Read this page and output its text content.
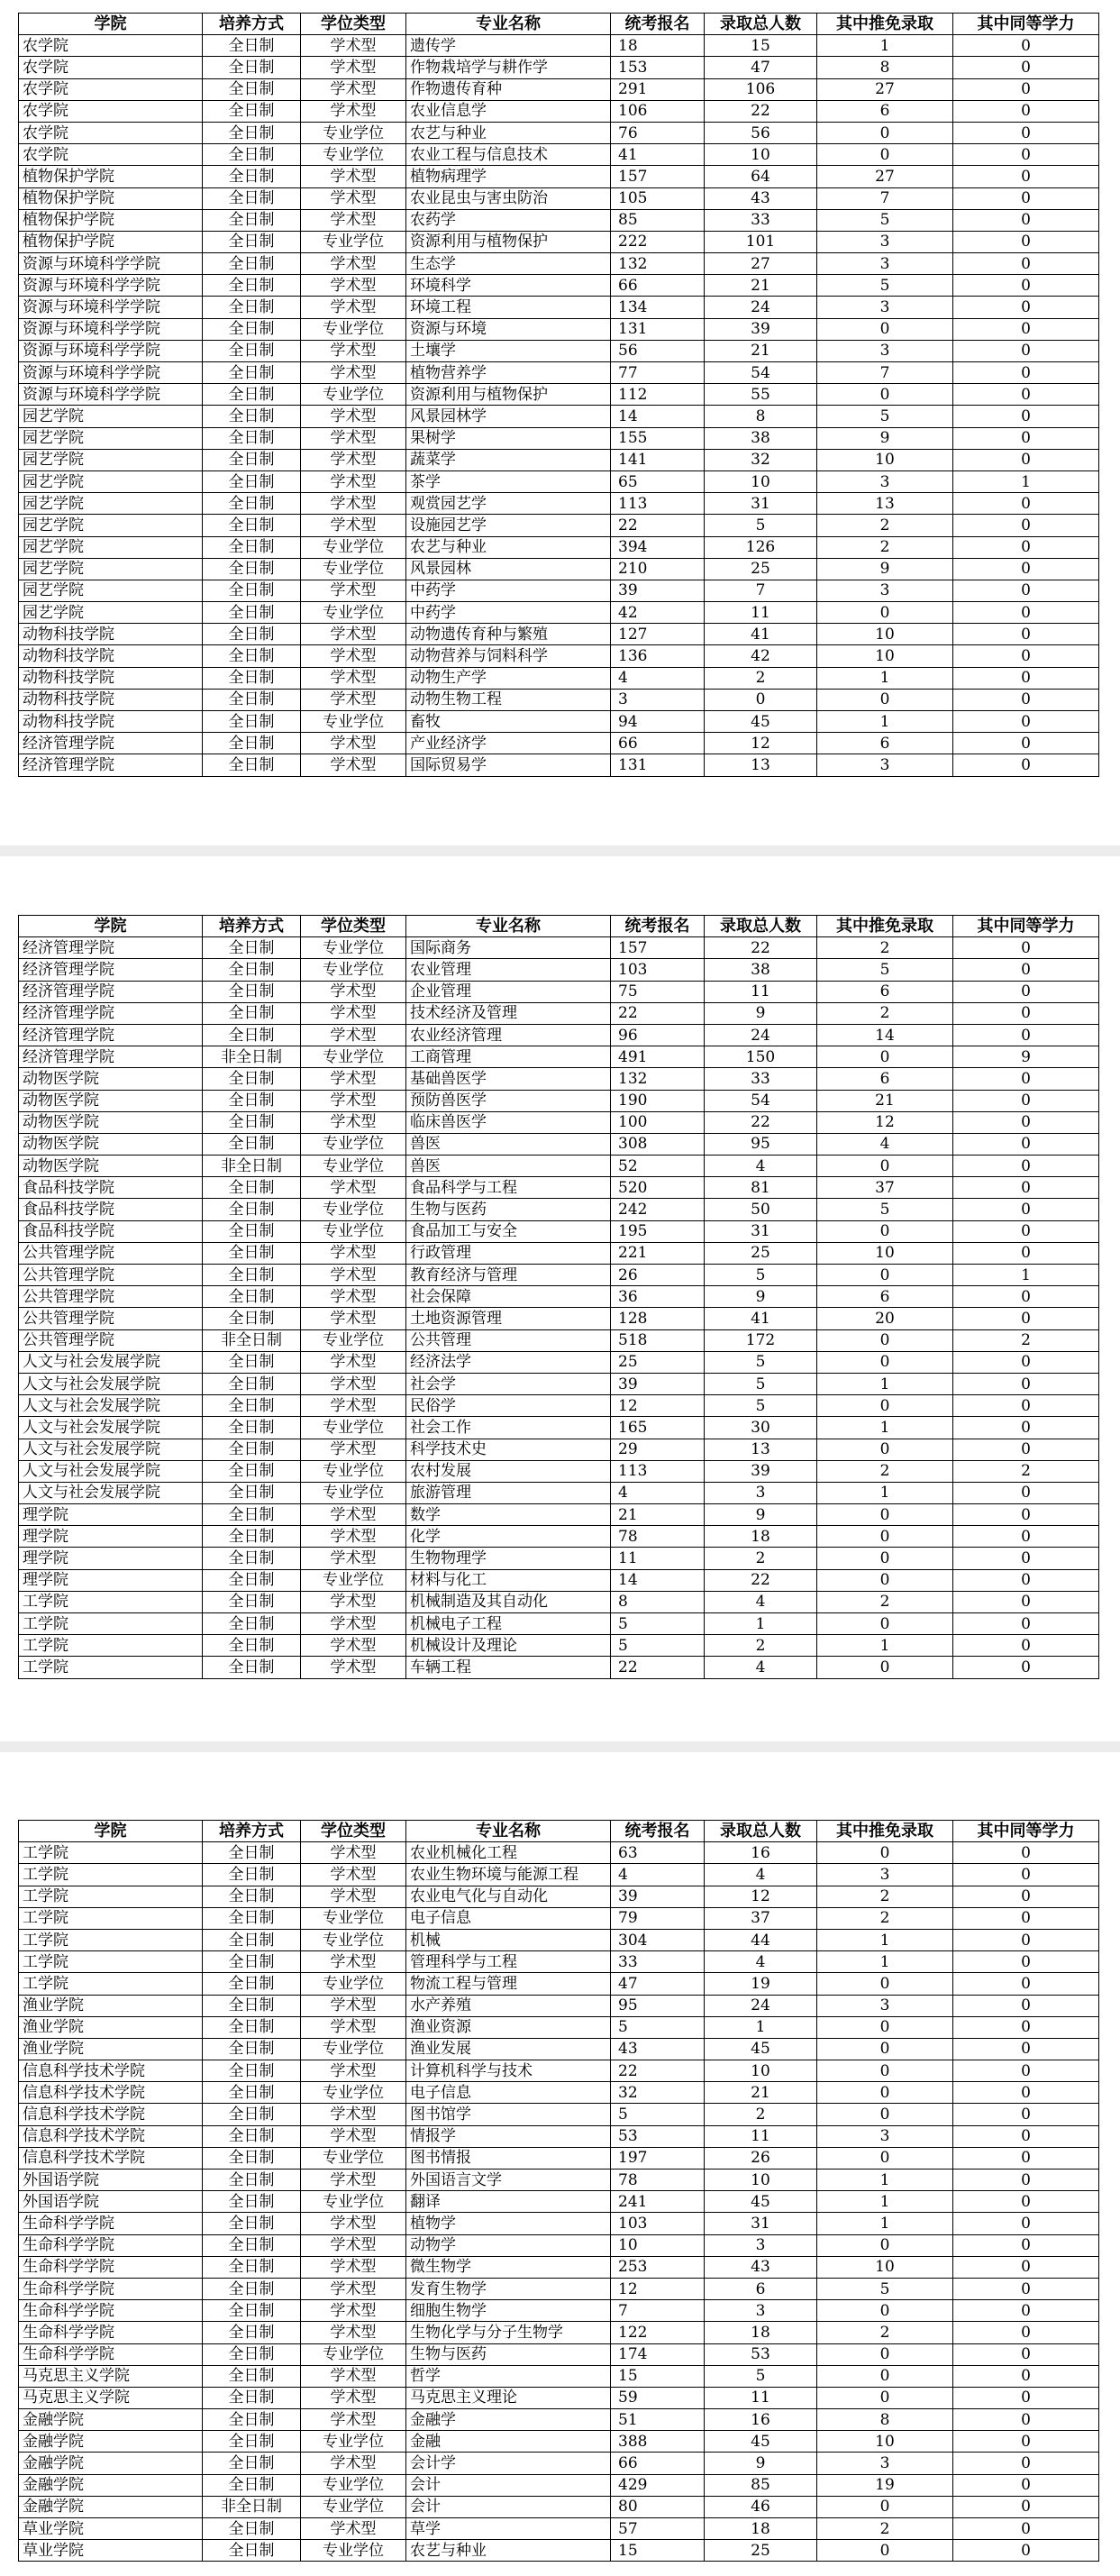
学院	培养方式	学位类型	专业名称	统考报名	录取总人数	其中推免录取	其中同等学力
农学院	全日制	学术型	遗传学	18	15	1	0
农学院	全日制	学术型	作物栽培学与耕作学	153	47	8	0
农学院	全日制	学术型	作物遗传育种	291	106	27	0
农学院	全日制	学术型	农业信息学	106	22	6	0
农学院	全日制	专业学位	农艺与种业	76	56	0	0
农学院	全日制	专业学位	农业工程与信息技术	41	10	0	0
植物保护学院	全日制	学术型	植物病理学	157	64	27	0
植物保护学院	全日制	学术型	农业昆虫与害虫防治	105	43	7	0
植物保护学院	全日制	学术型	农药学	85	33	5	0
植物保护学院	全日制	专业学位	资源利用与植物保护	222	101	3	0
资源与环境科学学院	全日制	学术型	生态学	132	27	3	0
资源与环境科学学院	全日制	学术型	环境科学	66	21	5	0
资源与环境科学学院	全日制	学术型	环境工程	134	24	3	0
资源与环境科学学院	全日制	专业学位	资源与环境	131	39	0	0
资源与环境科学学院	全日制	学术型	土壤学	56	21	3	0
资源与环境科学学院	全日制	学术型	植物营养学	77	54	7	0
资源与环境科学学院	全日制	专业学位	资源利用与植物保护	112	55	0	0
园艺学院	全日制	学术型	风景园林学	14	8	5	0
园艺学院	全日制	学术型	果树学	155	38	9	0
园艺学院	全日制	学术型	蔬菜学	141	32	10	0
园艺学院	全日制	学术型	茶学	65	10	3	1
园艺学院	全日制	学术型	观赏园艺学	113	31	13	0
园艺学院	全日制	学术型	设施园艺学	22	5	2	0
园艺学院	全日制	专业学位	农艺与种业	394	126	2	0
园艺学院	全日制	专业学位	风景园林	210	25	9	0
园艺学院	全日制	学术型	中药学	39	7	3	0
园艺学院	全日制	专业学位	中药学	42	11	0	0
动物科技学院	全日制	学术型	动物遗传育种与繁殖	127	41	10	0
动物科技学院	全日制	学术型	动物营养与饲料科学	136	42	10	0
动物科技学院	全日制	学术型	动物生产学	4	2	1	0
动物科技学院	全日制	学术型	动物生物工程	3	0	0	0
动物科技学院	全日制	专业学位	畜牧	94	45	1	0
经济管理学院	全日制	学术型	产业经济学	66	12	6	0
经济管理学院	全日制	学术型	国际贸易学	131	13	3	0
学院	培养方式	学位类型	专业名称	统考报名	录取总人数	其中推免录取	其中同等学力
经济管理学院	全日制	专业学位	国际商务	157	22	2	0
经济管理学院	全日制	专业学位	农业管理	103	38	5	0
经济管理学院	全日制	学术型	企业管理	75	11	6	0
经济管理学院	全日制	学术型	技术经济及管理	22	9	2	0
经济管理学院	全日制	学术型	农业经济管理	96	24	14	0
经济管理学院	非全日制	专业学位	工商管理	491	150	0	9
动物医学院	全日制	学术型	基础兽医学	132	33	6	0
动物医学院	全日制	学术型	预防兽医学	190	54	21	0
动物医学院	全日制	学术型	临床兽医学	100	22	12	0
动物医学院	全日制	专业学位	兽医	308	95	4	0
动物医学院	非全日制	专业学位	兽医	52	4	0	0
食品科技学院	全日制	学术型	食品科学与工程	520	81	37	0
食品科技学院	全日制	专业学位	生物与医药	242	50	5	0
食品科技学院	全日制	专业学位	食品加工与安全	195	31	0	0
公共管理学院	全日制	学术型	行政管理	221	25	10	0
公共管理学院	全日制	学术型	教育经济与管理	26	5	0	1
公共管理学院	全日制	学术型	社会保障	36	9	6	0
公共管理学院	全日制	学术型	土地资源管理	128	41	20	0
公共管理学院	非全日制	专业学位	公共管理	518	172	0	2
人文与社会发展学院	全日制	学术型	经济法学	25	5	0	0
人文与社会发展学院	全日制	学术型	社会学	39	5	1	0
人文与社会发展学院	全日制	学术型	民俗学	12	5	0	0
人文与社会发展学院	全日制	专业学位	社会工作	165	30	1	0
人文与社会发展学院	全日制	学术型	科学技术史	29	13	0	0
人文与社会发展学院	全日制	专业学位	农村发展	113	39	2	2
人文与社会发展学院	全日制	专业学位	旅游管理	4	3	1	0
理学院	全日制	学术型	数学	21	9	0	0
理学院	全日制	学术型	化学	78	18	0	0
理学院	全日制	学术型	生物物理学	11	2	0	0
理学院	全日制	专业学位	材料与化工	14	22	0	0
工学院	全日制	学术型	机械制造及其自动化	8	4	2	0
工学院	全日制	学术型	机械电子工程	5	1	0	0
工学院	全日制	学术型	机械设计及理论	5	2	1	0
工学院	全日制	学术型	车辆工程	22	4	0	0
学院	培养方式	学位类型	专业名称	统考报名	录取总人数	其中推免录取	其中同等学力
工学院	全日制	学术型	农业机械化工程	63	16	0	0
工学院	全日制	学术型	农业生物环境与能源工程	4	4	3	0
工学院	全日制	学术型	农业电气化与自动化	39	12	2	0
工学院	全日制	专业学位	电子信息	79	37	2	0
工学院	全日制	专业学位	机械	304	44	1	0
工学院	全日制	学术型	管理科学与工程	33	4	1	0
工学院	全日制	专业学位	物流工程与管理	47	19	0	0
渔业学院	全日制	学术型	水产养殖	95	24	3	0
渔业学院	全日制	学术型	渔业资源	5	1	0	0
渔业学院	全日制	专业学位	渔业发展	43	45	0	0
信息科学技术学院	全日制	学术型	计算机科学与技术	22	10	0	0
信息科学技术学院	全日制	专业学位	电子信息	32	21	0	0
信息科学技术学院	全日制	学术型	图书馆学	5	2	0	0
信息科学技术学院	全日制	学术型	情报学	53	11	3	0
信息科学技术学院	全日制	专业学位	图书情报	197	26	0	0
外国语学院	全日制	学术型	外国语言文学	78	10	1	0
外国语学院	全日制	专业学位	翻译	241	45	1	0
生命科学学院	全日制	学术型	植物学	103	31	1	0
生命科学学院	全日制	学术型	动物学	10	3	0	0
生命科学学院	全日制	学术型	微生物学	253	43	10	0
生命科学学院	全日制	学术型	发育生物学	12	6	5	0
生命科学学院	全日制	学术型	细胞生物学	7	3	0	0
生命科学学院	全日制	学术型	生物化学与分子生物学	122	18	2	0
生命科学学院	全日制	专业学位	生物与医药	174	53	0	0
马克思主义学院	全日制	学术型	哲学	15	5	0	0
马克思主义学院	全日制	学术型	马克思主义理论	59	11	0	0
金融学院	全日制	学术型	金融学	51	16	8	0
金融学院	全日制	专业学位	金融	388	45	10	0
金融学院	全日制	学术型	会计学	66	9	3	0
金融学院	全日制	专业学位	会计	429	85	19	0
金融学院	非全日制	专业学位	会计	80	46	0	0
草业学院	全日制	学术型	草学	57	18	2	0
草业学院	全日制	专业学位	农艺与种业	15	25	0	0
